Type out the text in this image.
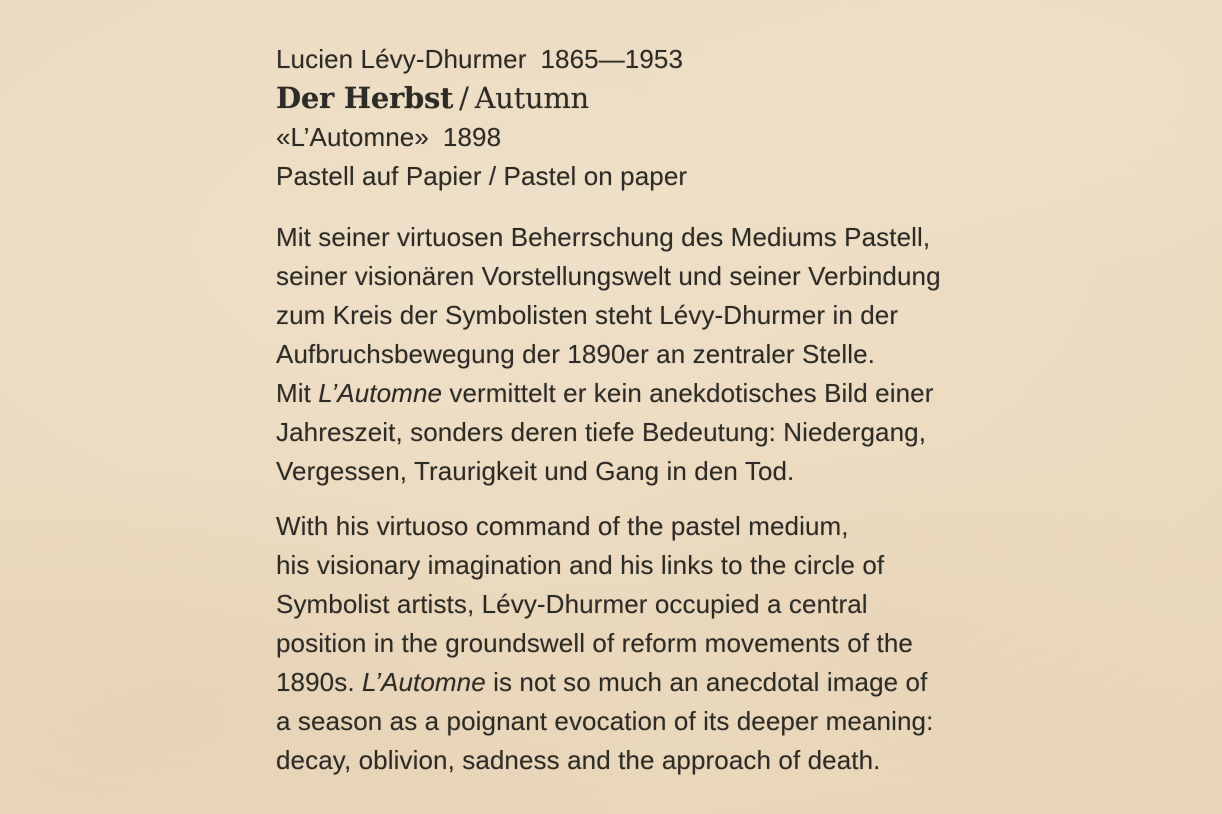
Lucien Lévy-Dhurmer 1865—1953
Der Herbst / Autumn
«L’Automne» 1898
Pastell auf Papier / Pastel on paper
Mit seiner virtuosen Beherrschung des Mediums Pastell,
seiner visionären Vorstellungswelt und seiner Verbindung
zum Kreis der Symbolisten steht Lévy-Dhurmer in der
Aufbruchsbewegung der 1890er an zentraler Stelle.
Mit L’Automne vermittelt er kein anekdotisches Bild einer
Jahreszeit, sonders deren tiefe Bedeutung: Niedergang,
Vergessen, Traurigkeit und Gang in den Tod.
With his virtuoso command of the pastel medium,
his visionary imagination and his links to the circle of
Symbolist artists, Lévy-Dhurmer occupied a central
position in the groundswell of reform movements of the
1890s. L’Automne is not so much an anecdotal image of
a season as a poignant evocation of its deeper meaning:
decay, oblivion, sadness and the approach of death.
